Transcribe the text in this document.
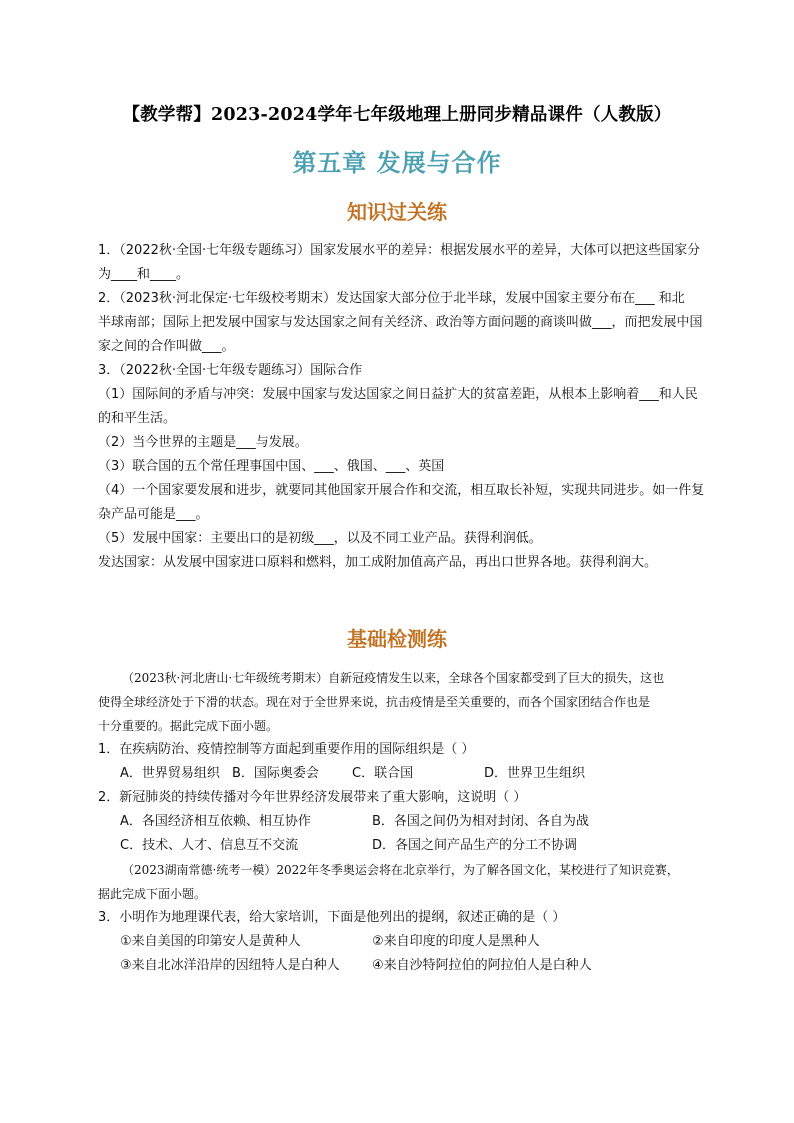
【教学帮】2023-2024学年七年级地理上册同步精品课件（人教版）
第五章 发展与合作
知识过关练
1．（2022秋·全国·七年级专题练习）国家发展水平的差异：根据发展水平的差异，大体可以把这些国家分
为____和____。
2．（2023秋·河北保定·七年级校考期末）发达国家大部分位于北半球，发展中国家主要分布在___ 和北
半球南部；国际上把发展中国家与发达国家之间有关经济、政治等方面问题的商谈叫做___，而把发展中国
家之间的合作叫做___。
3．（2022秋·全国·七年级专题练习）国际合作
（1）国际间的矛盾与冲突：发展中国家与发达国家之间日益扩大的贫富差距，从根本上影响着___和人民
的和平生活。
（2）当今世界的主题是___与发展。
（3）联合国的五个常任理事国中国、___、俄国、___、英国
（4）一个国家要发展和进步，就要同其他国家开展合作和交流，相互取长补短，实现共同进步。如一件复
杂产品可能是___。
（5）发展中国家：主要出口的是初级___，以及不同工业产品。获得利润低。
发达国家：从发展中国家进口原料和燃料，加工成附加值高产品，再出口世界各地。获得利润大。
基础检测练
（2023秋·河北唐山·七年级统考期末）自新冠疫情发生以来，全球各个国家都受到了巨大的损失，这也
使得全球经济处于下滑的状态。现在对于全世界来说，抗击疫情是至关重要的，而各个国家团结合作也是
十分重要的。据此完成下面小题。
1．在疾病防治、疫情控制等方面起到重要作用的国际组织是（ ）
A．世界贸易组织 B．国际奥委会	C．联合国	D．世界卫生组织
2．新冠肺炎的持续传播对今年世界经济发展带来了重大影响，这说明（ ）
A．各国经济相互依赖、相互协作	B．各国之间仍为相对封闭、各自为战
C．技术、人才、信息互不交流	D．各国之间产品生产的分工不协调
（2023湖南常德·统考一模）2022年冬季奥运会将在北京举行，为了解各国文化，某校进行了知识竞赛，
据此完成下面小题。
3．小明作为地理课代表，给大家培训，下面是他列出的提纲，叙述正确的是（ ）
①来自美国的印第安人是黄种人	②来自印度的印度人是黑种人
③来自北冰洋沿岸的因纽特人是白种人	④来自沙特阿拉伯的阿拉伯人是白种人
